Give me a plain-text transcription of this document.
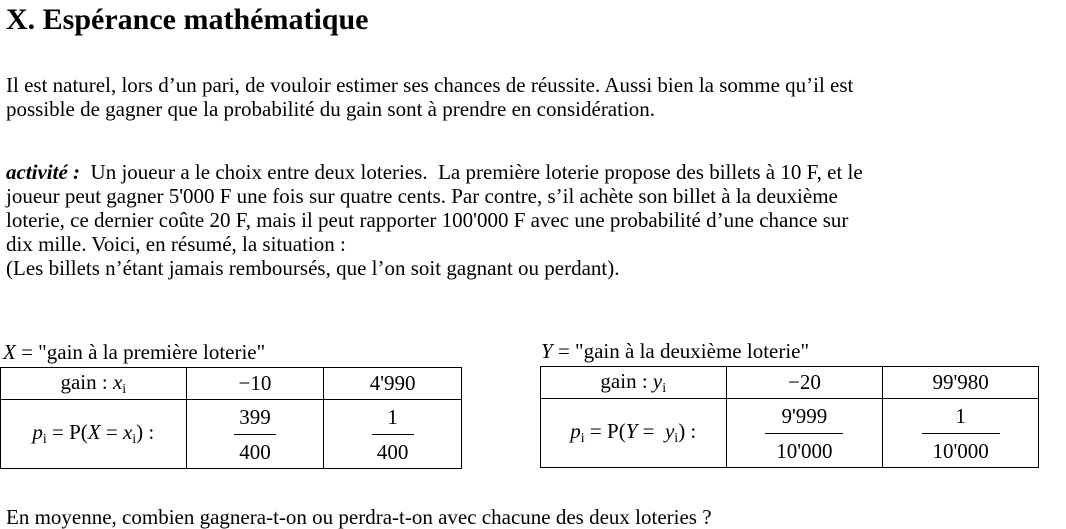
X. Espérance mathématique
Il est naturel, lors d’un pari, de vouloir estimer ses chances de réussite. Aussi bien la somme qu’il est
possible de gagner que la probabilité du gain sont à prendre en considération.
activité :  Un joueur a le choix entre deux loteries.  La première loterie propose des billets à 10 F, et le
joueur peut gagner 5'000 F une fois sur quatre cents. Par contre, s’il achète son billet à la deuxième
loterie, ce dernier coûte 20 F, mais il peut rapporter 100'000 F avec une probabilité d’une chance sur
dix mille. Voici, en résumé, la situation :
(Les billets n’étant jamais remboursés, que l’on soit gagnant ou perdant).
X = "gain à la première loterie"
gain : $x_i$	−10	4'990
$p_i = P(X = x_i)$ :	$\frac{399}{400}$	$\frac{1}{400}$
Y = "gain à la deuxième loterie"
gain : $y_i$	−20	99'980
$p_i = P(Y = y_i)$ :	$\frac{9'999}{10'000}$	$\frac{1}{10'000}$
En moyenne, combien gagnera-t-on ou perdra-t-on avec chacune des deux loteries ?
